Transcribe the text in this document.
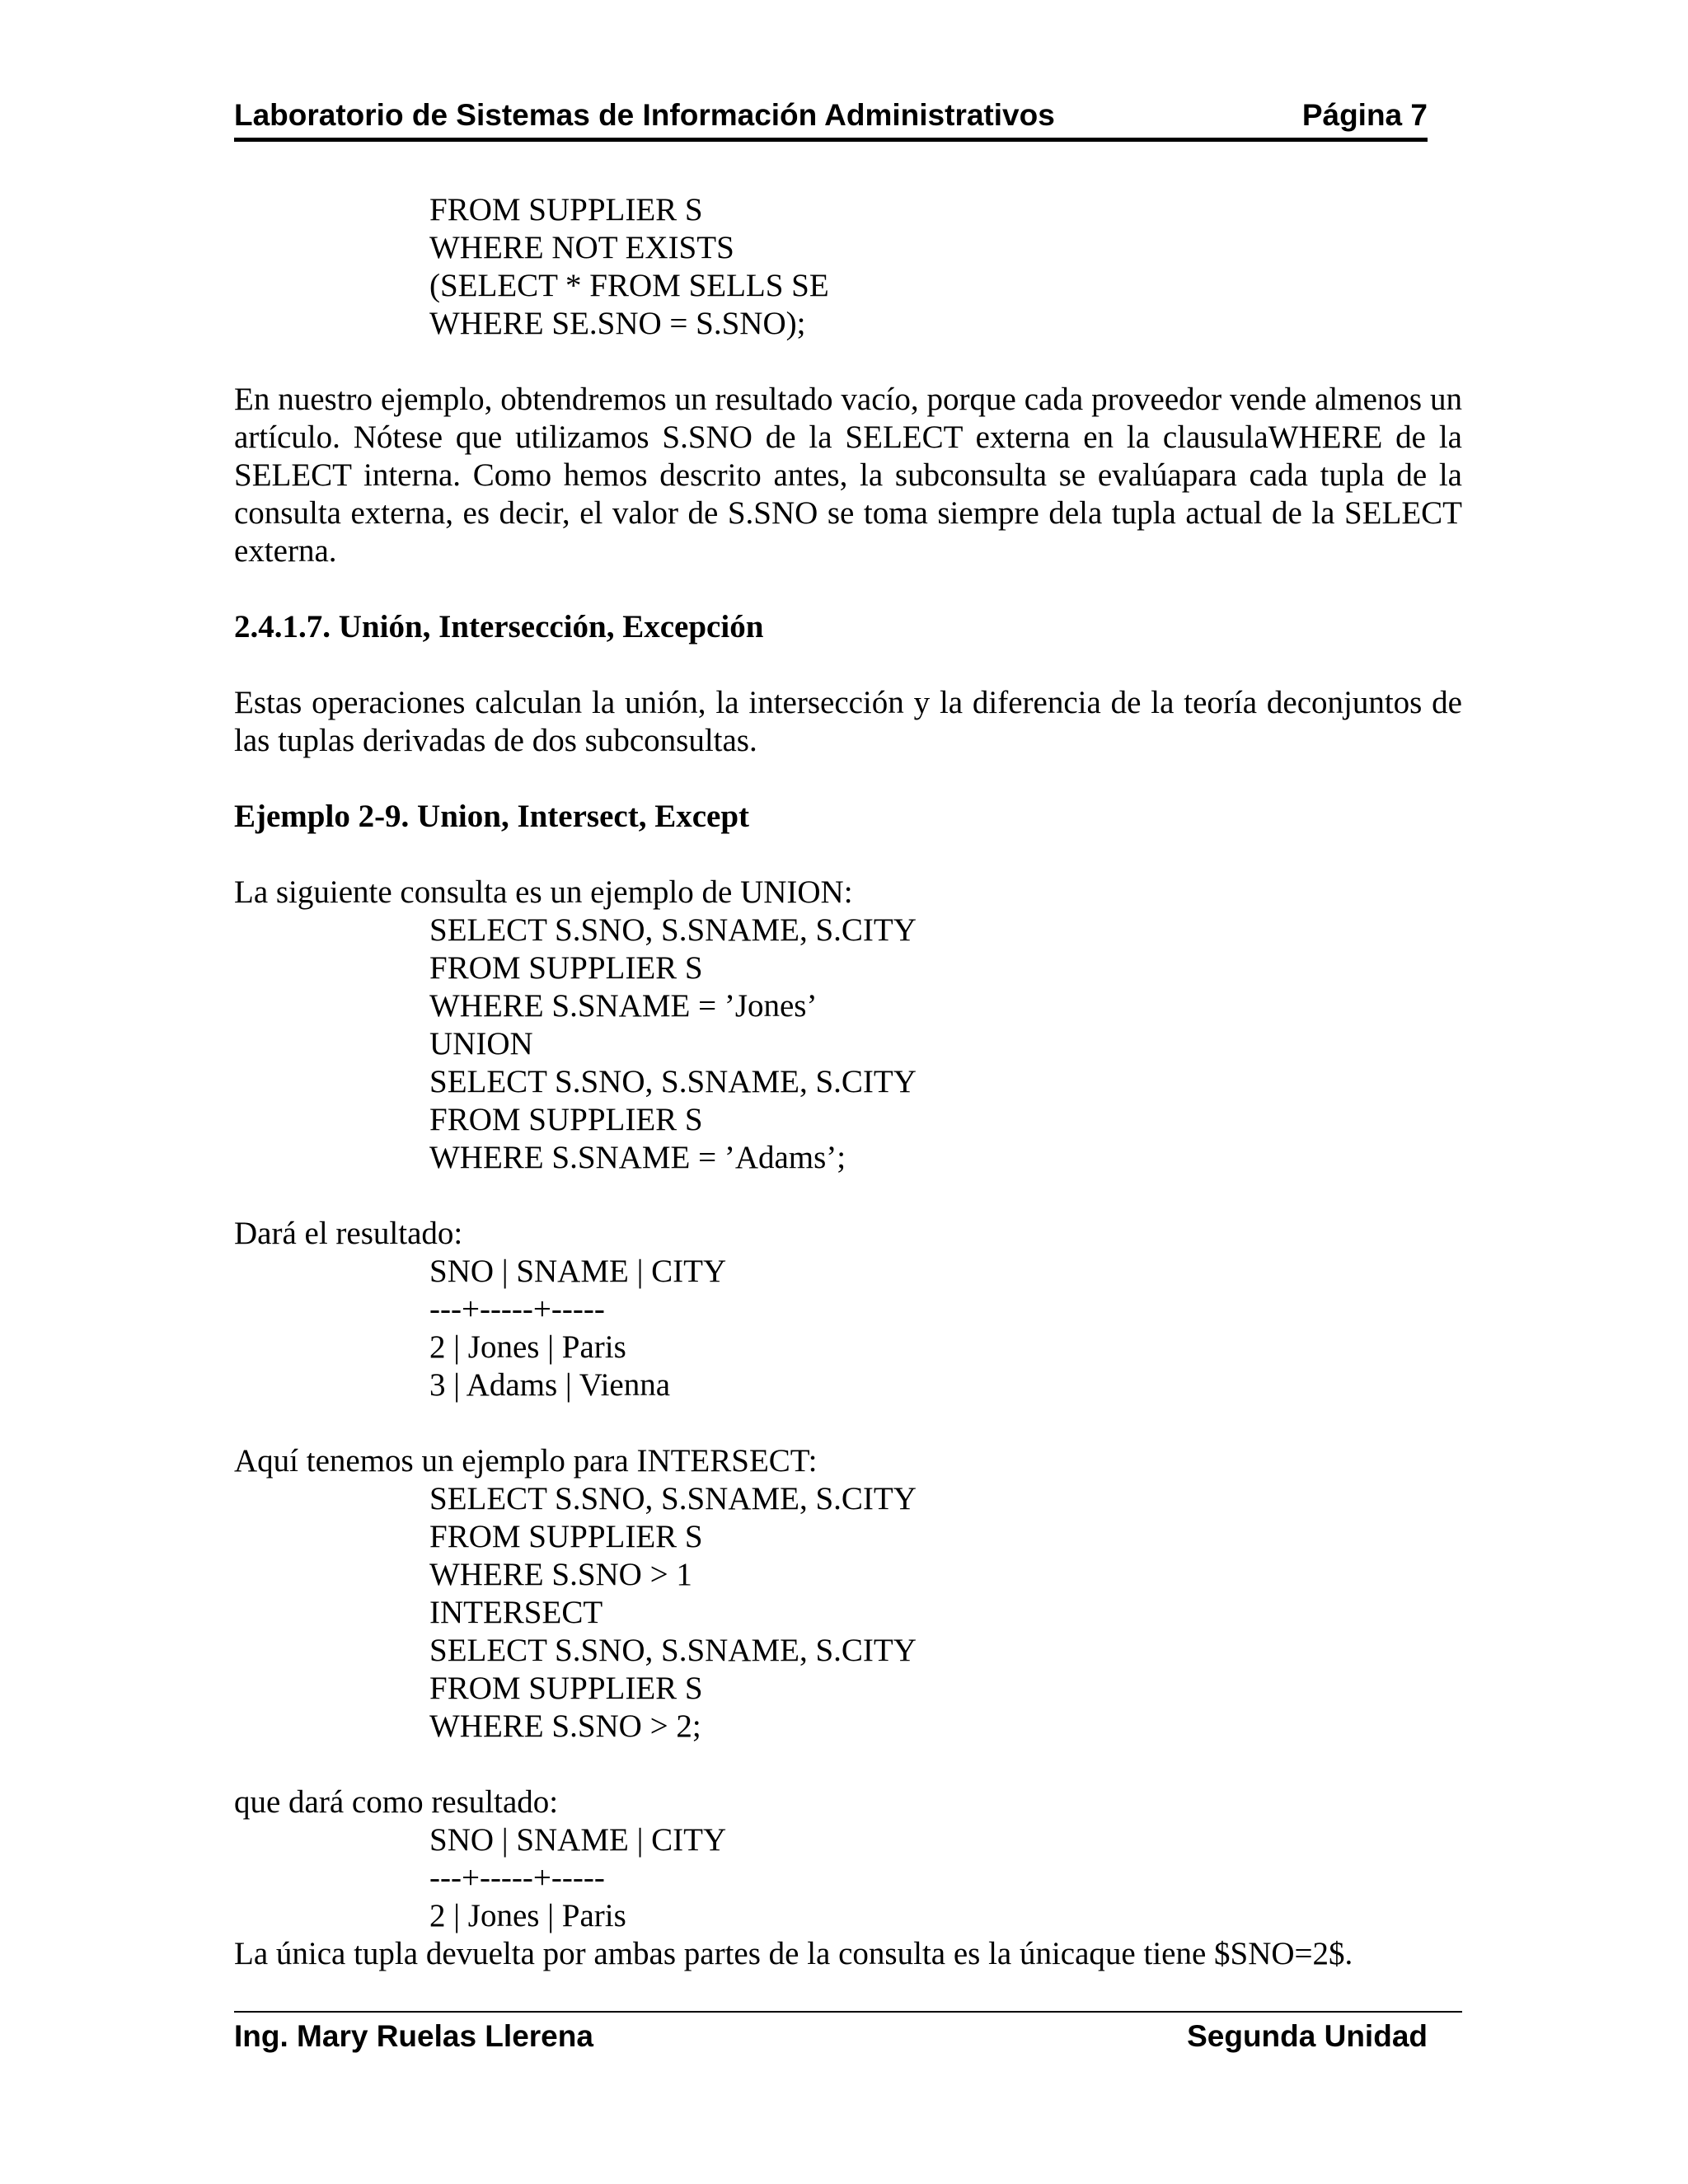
Laboratorio de Sistemas de Información Administrativos	Página 7
FROM SUPPLIER S
WHERE NOT EXISTS
(SELECT * FROM SELLS SE
WHERE SE.SNO = S.SNO);

En nuestro ejemplo, obtendremos un resultado vacío, porque cada proveedor vende almenos un artículo. Nótese que utilizamos S.SNO de la SELECT externa en la clausulaWHERE de la SELECT interna. Como hemos descrito antes, la subconsulta se evalúapara cada tupla de la consulta externa, es decir, el valor de S.SNO se toma siempre dela tupla actual de la SELECT externa.

2.4.1.7. Unión, Intersección, Excepción

Estas operaciones calculan la unión, la intersección y la diferencia de la teoría deconjuntos de las tuplas derivadas de dos subconsultas.

Ejemplo 2-9. Union, Intersect, Except

La siguiente consulta es un ejemplo de UNION:

SELECT S.SNO, S.SNAME, S.CITY
FROM SUPPLIER S
WHERE S.SNAME = ’Jones’
UNION
SELECT S.SNO, S.SNAME, S.CITY
FROM SUPPLIER S
WHERE S.SNAME = ’Adams’;

Dará el resultado:

SNO | SNAME | CITY
---+-----+-----
2 | Jones | Paris
3 | Adams | Vienna

Aquí tenemos un ejemplo para INTERSECT:

SELECT S.SNO, S.SNAME, S.CITY
FROM SUPPLIER S
WHERE S.SNO > 1
INTERSECT
SELECT S.SNO, S.SNAME, S.CITY
FROM SUPPLIER S
WHERE S.SNO > 2;

que dará como resultado:

SNO | SNAME | CITY
---+-----+-----
2 | Jones | Paris

La única tupla devuelta por ambas partes de la consulta es la únicaque tiene $SNO=2$.

Ing. Mary Ruelas Llerena	Segunda Unidad
